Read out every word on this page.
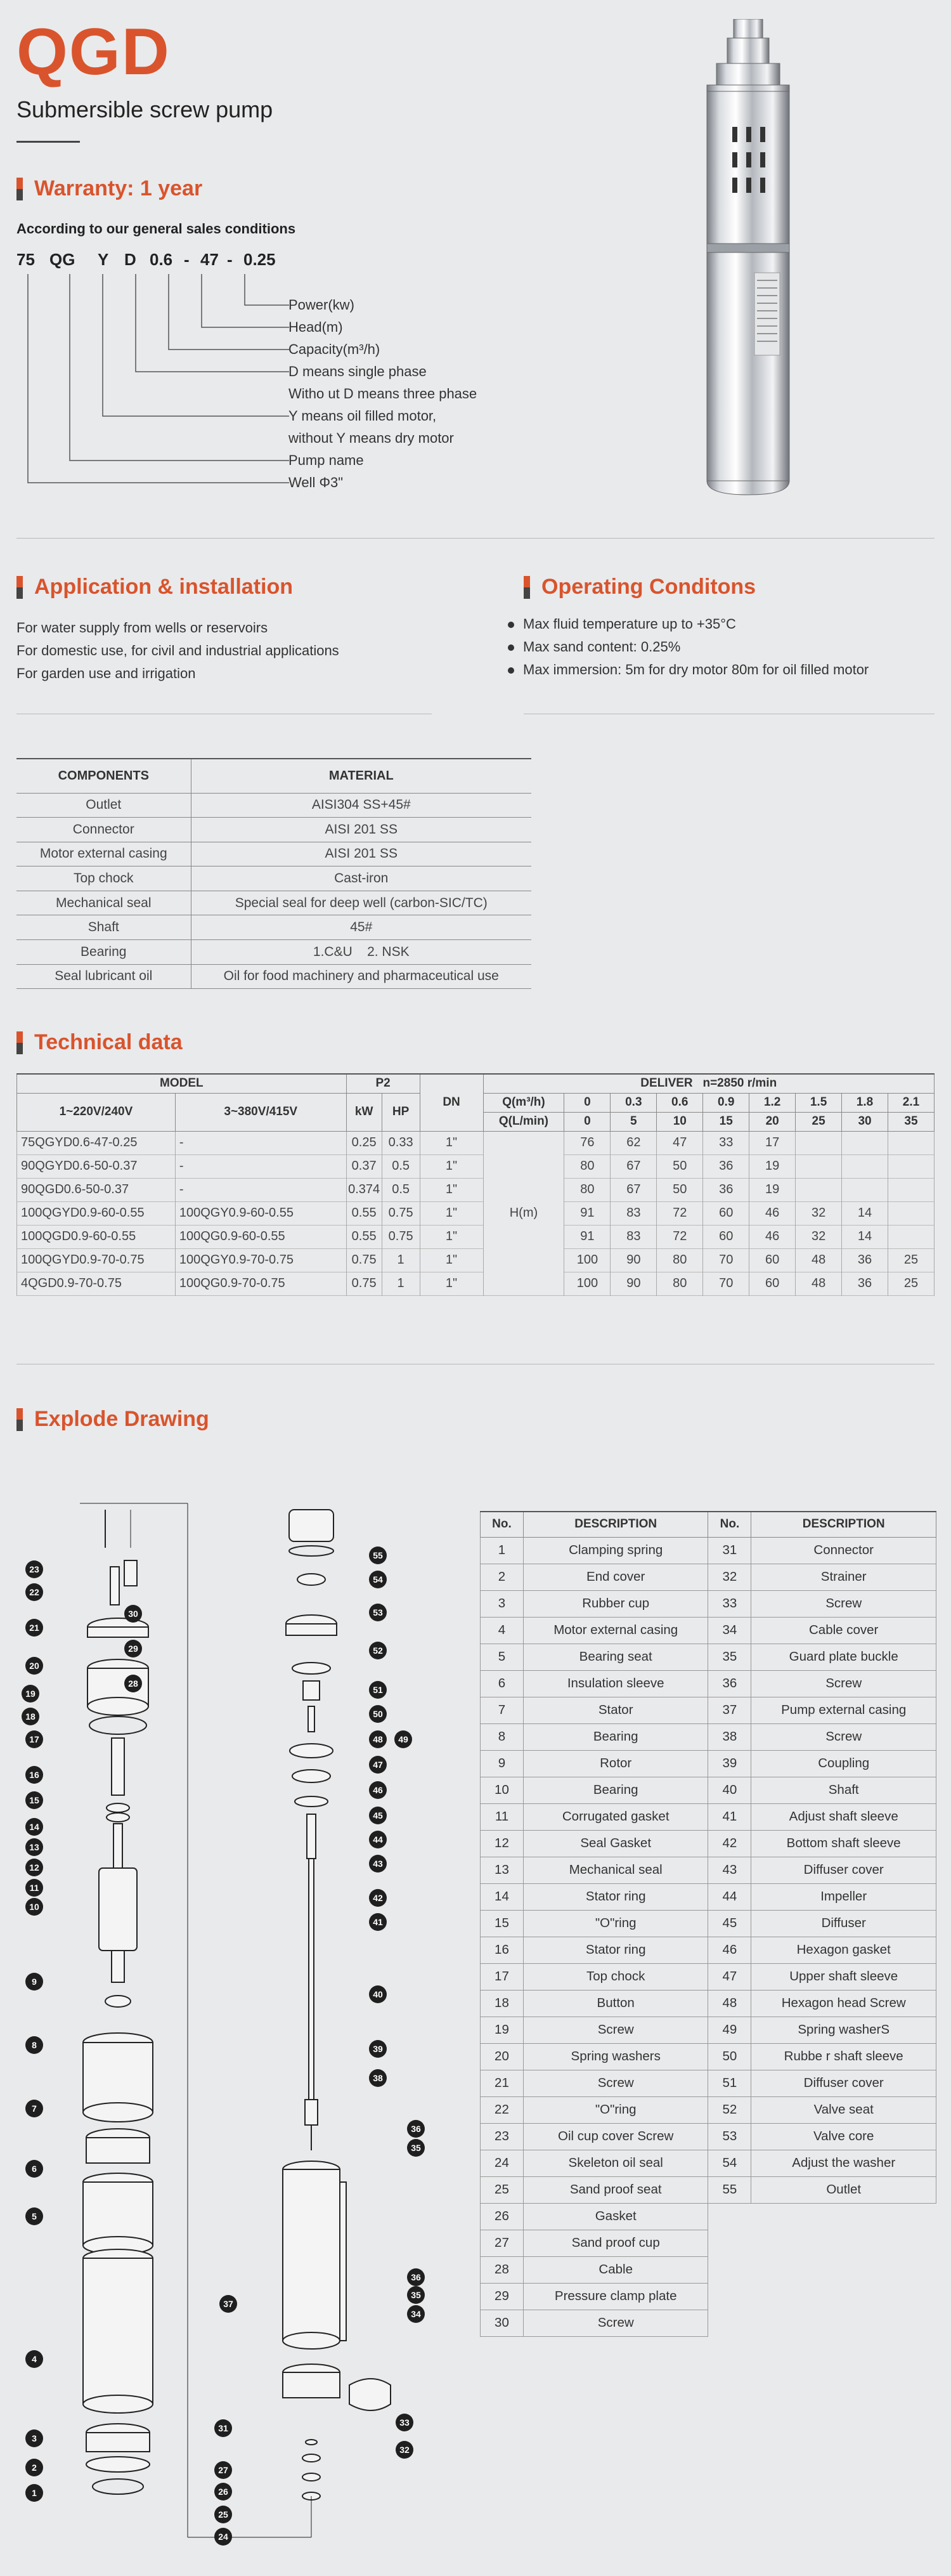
QGD
Submersible screw pump
Warranty: 1 year
According to our general sales conditions
75 QG	Y D 0.6 - 47 - 0.25
Power(kw)
Head(m)
Capacity(m³/h)
D means single phase
Witho ut D means three phase
Y means oil filled motor,
without Y means dry motor
Pump name
Well Φ3"
Application & installation
For water supply from wells or reservoirs
For domestic use, for civil and industrial applications
For garden use and irrigation
Operating Conditons
Max fluid temperature up to +35°C
Max sand content: 0.25%
Max immersion: 5m for dry motor 80m for oil filled motor
COMPONENTS	MATERIAL
Outlet	AISI304 SS+45#
Connector	AISI 201 SS
Motor external casing	AISI 201 SS
Top chock	Cast-iron
Mechanical seal	Special seal for deep well (carbon-SIC/TC)
Shaft	45#
Bearing	1.C&U    2. NSK
Seal lubricant oil	Oil for food machinery and pharmaceutical use
Technical data
MODEL		P2		DN	DELIVER   n=2850 r/min								
1~220V/240V	3~380V/415V	kW	HP		Q(m³/h)	0	0.3	0.6	0.9	1.2	1.5	1.8	2.1
					Q(L/min)	0	5	10	15	20	25	30	35
75QGYD0.6-47-0.25	-	0.25	0.33	1"	H(m)	76	62	47	33	17			
90QGYD0.6-50-0.37	-	0.37	0.5	1"		80	67	50	36	19			
90QGD0.6-50-0.37	-	0.374	0.5	1"		80	67	50	36	19			
100QGYD0.9-60-0.55	100QGY0.9-60-0.55	0.55	0.75	1"		91	83	72	60	46	32	14	
100QGD0.9-60-0.55	100QG0.9-60-0.55	0.55	0.75	1"		91	83	72	60	46	32	14	
100QGYD0.9-70-0.75	100QGY0.9-70-0.75	0.75	1	1"		100	90	80	70	60	48	36	25
4QGD0.9-70-0.75	100QG0.9-70-0.75	0.75	1	1"		100	90	80	70	60	48	36	25
Explode Drawing
23
22
30
21
29
20
28
19
18
17
16
15
14
13
12
11
10
9
8
7
6
5
4
3
2
1
55
54
53
52
51
50
48	49
47
46
45
44
43
42
41
40
39
38
36
35
37
36
35
34
31
33
32
27
26
25
24
No.	DESCRIPTION	No.	DESCRIPTION
1	Clamping spring	31	Connector
2	End cover	32	Strainer
3	Rubber cup	33	Screw
4	Motor external casing	34	Cable cover
5	Bearing seat	35	Guard plate buckle
6	Insulation sleeve	36	Screw
7	Stator	37	Pump external casing
8	Bearing	38	Screw
9	Rotor	39	Coupling
10	Bearing	40	Shaft
11	Corrugated gasket	41	Adjust shaft sleeve
12	Seal Gasket	42	Bottom shaft sleeve
13	Mechanical seal	43	Diffuser cover
14	Stator ring	44	Impeller
15	"O"ring	45	Diffuser
16	Stator ring	46	Hexagon gasket
17	Top chock	47	Upper shaft sleeve
18	Button	48	Hexagon head Screw
19	Screw	49	Spring washerS
20	Spring washers	50	Rubbe r shaft sleeve
21	Screw	51	Diffuser cover
22	"O"ring	52	Valve seat
23	Oil cup cover Screw	53	Valve core
24	Skeleton oil seal	54	Adjust the washer
25	Sand proof seat	55	Outlet
26	Gasket		
27	Sand proof cup		
28	Cable		
29	Pressure clamp plate		
30	Screw		
